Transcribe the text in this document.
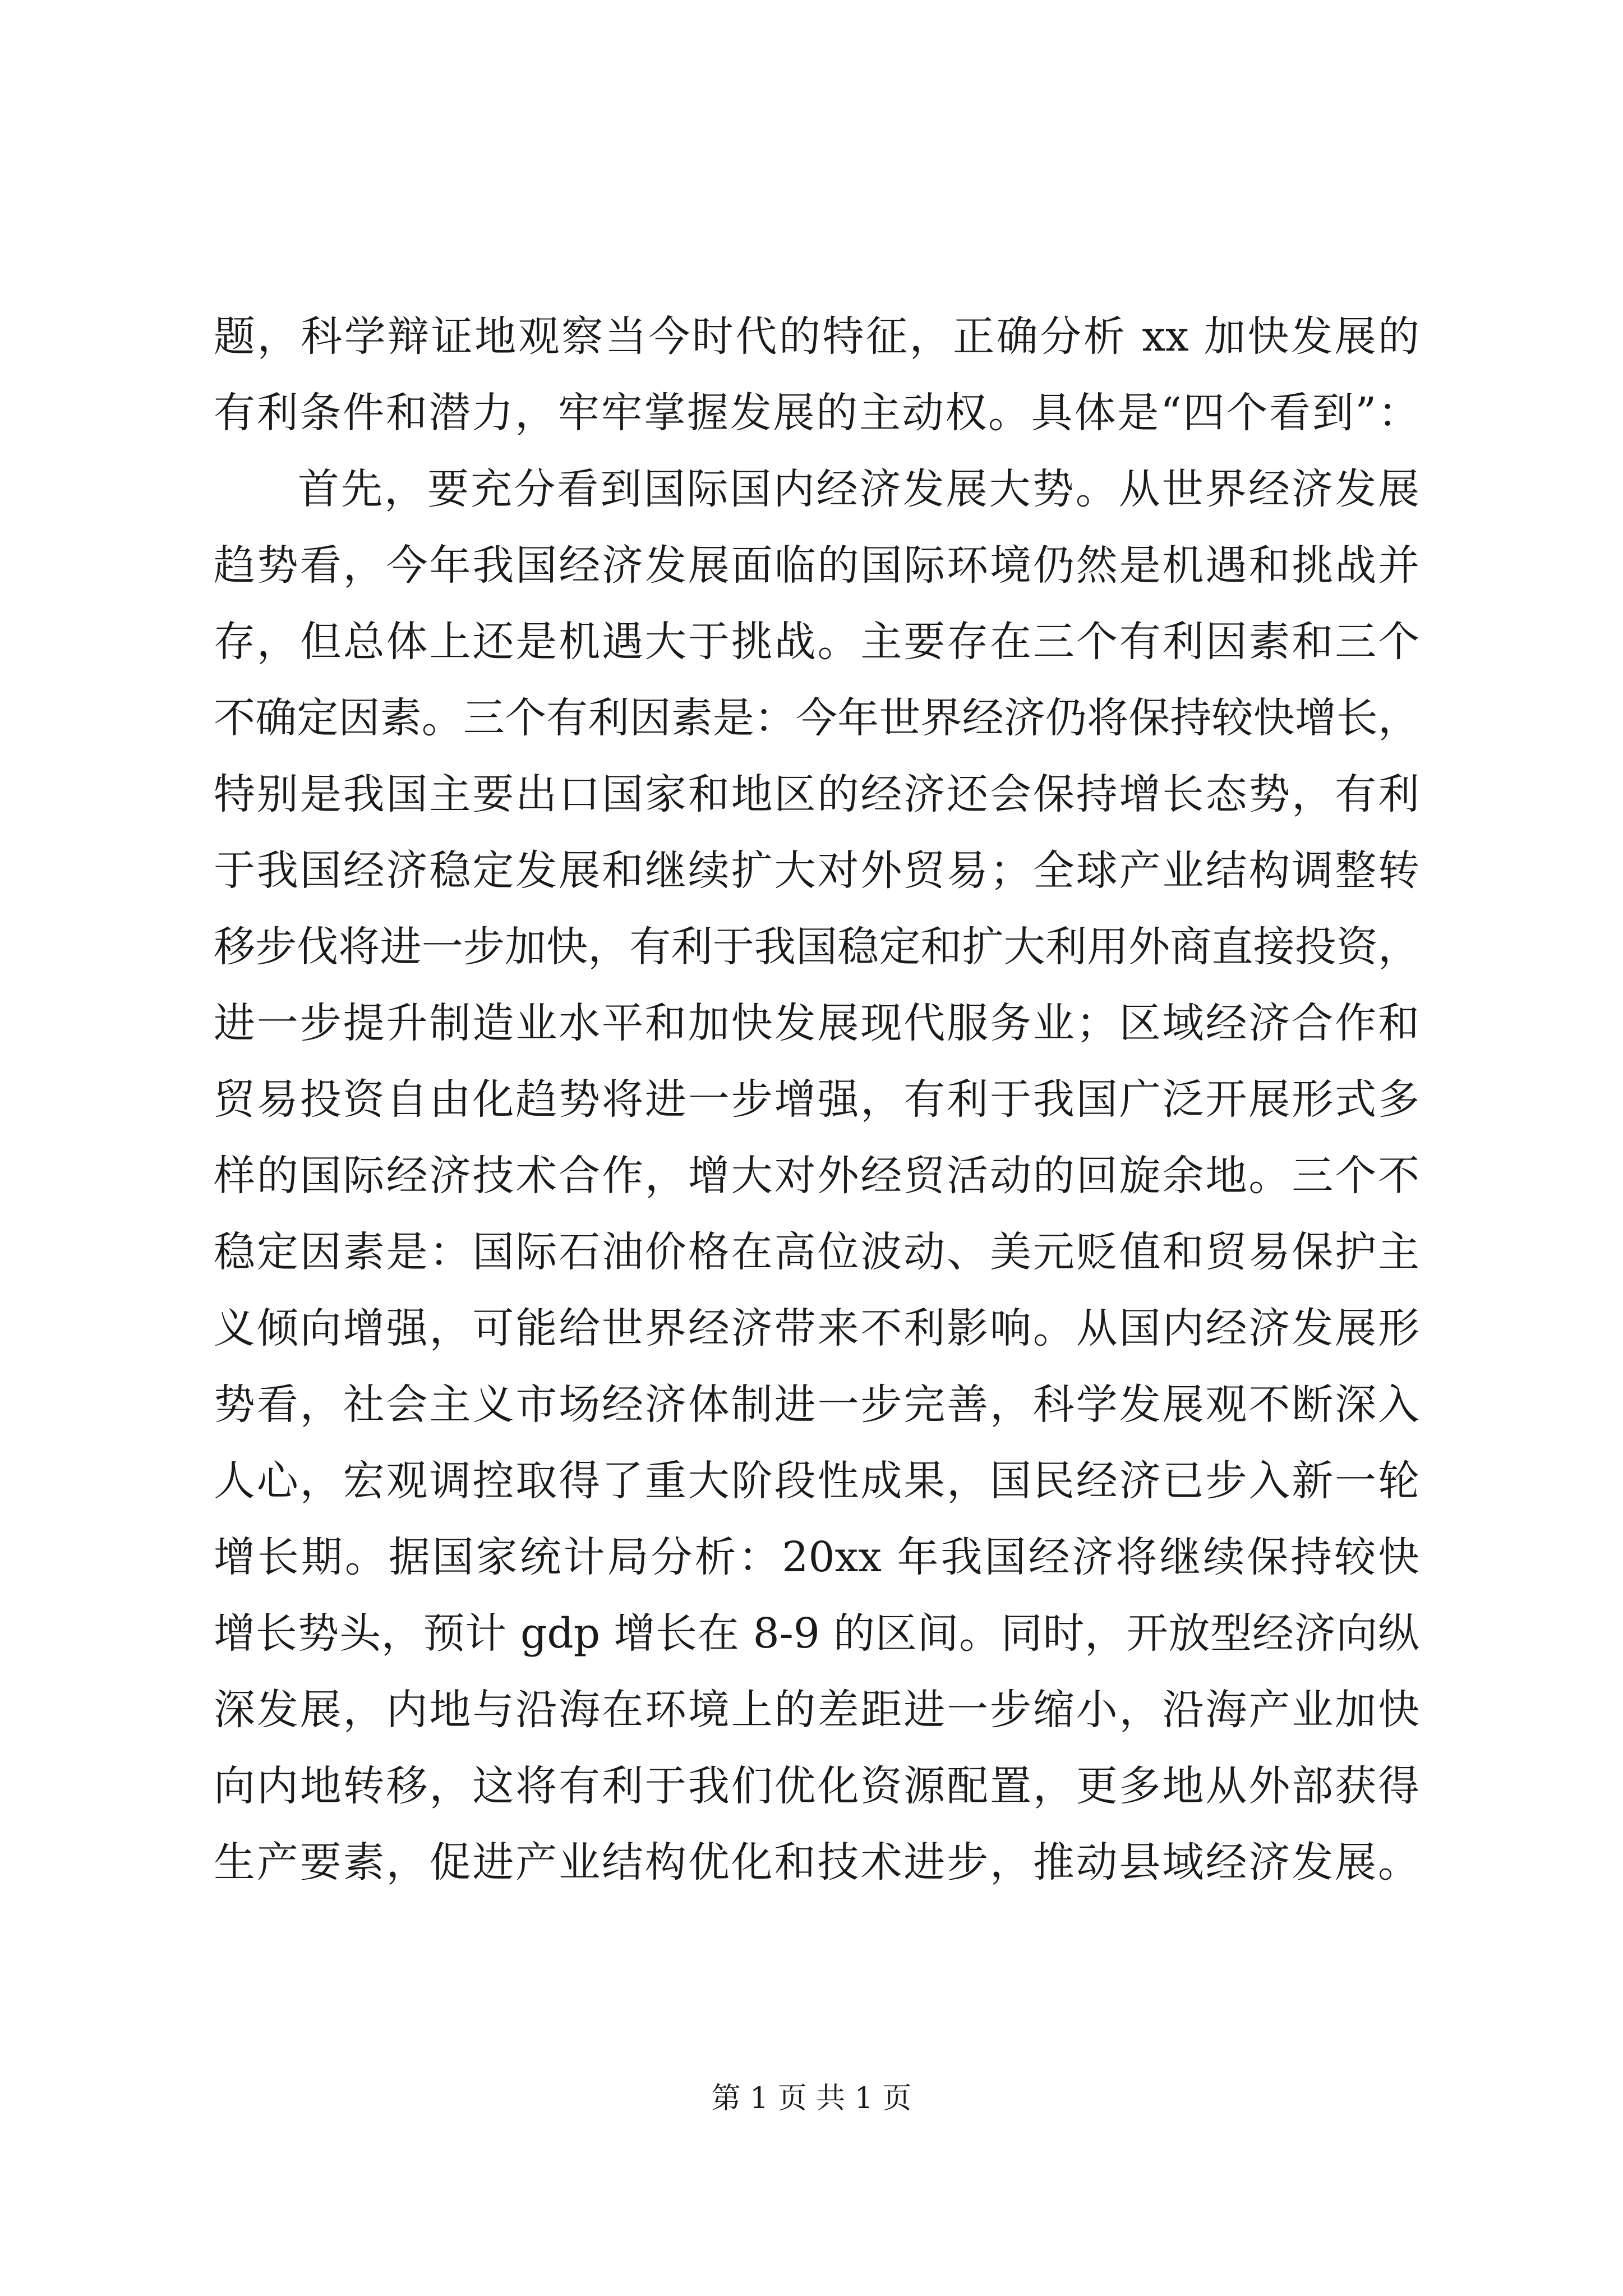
题，科学辩证地观察当今时代的特征，正确分析 xx 加快发展的
有利条件和潜力，牢牢掌握发展的主动权。具体是“四个看到”：
首先，要充分看到国际国内经济发展大势。从世界经济发展
趋势看，今年我国经济发展面临的国际环境仍然是机遇和挑战并
存，但总体上还是机遇大于挑战。主要存在三个有利因素和三个
不确定因素。三个有利因素是：今年世界经济仍将保持较快增长，
特别是我国主要出口国家和地区的经济还会保持增长态势，有利
于我国经济稳定发展和继续扩大对外贸易；全球产业结构调整转
移步伐将进一步加快，有利于我国稳定和扩大利用外商直接投资，
进一步提升制造业水平和加快发展现代服务业；区域经济合作和
贸易投资自由化趋势将进一步增强，有利于我国广泛开展形式多
样的国际经济技术合作，增大对外经贸活动的回旋余地。三个不
稳定因素是：国际石油价格在高位波动、美元贬值和贸易保护主
义倾向增强，可能给世界经济带来不利影响。从国内经济发展形
势看，社会主义市场经济体制进一步完善，科学发展观不断深入
人心，宏观调控取得了重大阶段性成果，国民经济已步入新一轮
增长期。据国家统计局分析：20xx 年我国经济将继续保持较快
增长势头，预计 gdp 增长在 8-9 的区间。同时，开放型经济向纵
深发展，内地与沿海在环境上的差距进一步缩小，沿海产业加快
向内地转移，这将有利于我们优化资源配置，更多地从外部获得
生产要素，促进产业结构优化和技术进步，推动县域经济发展。
第 1 页 共 1 页
